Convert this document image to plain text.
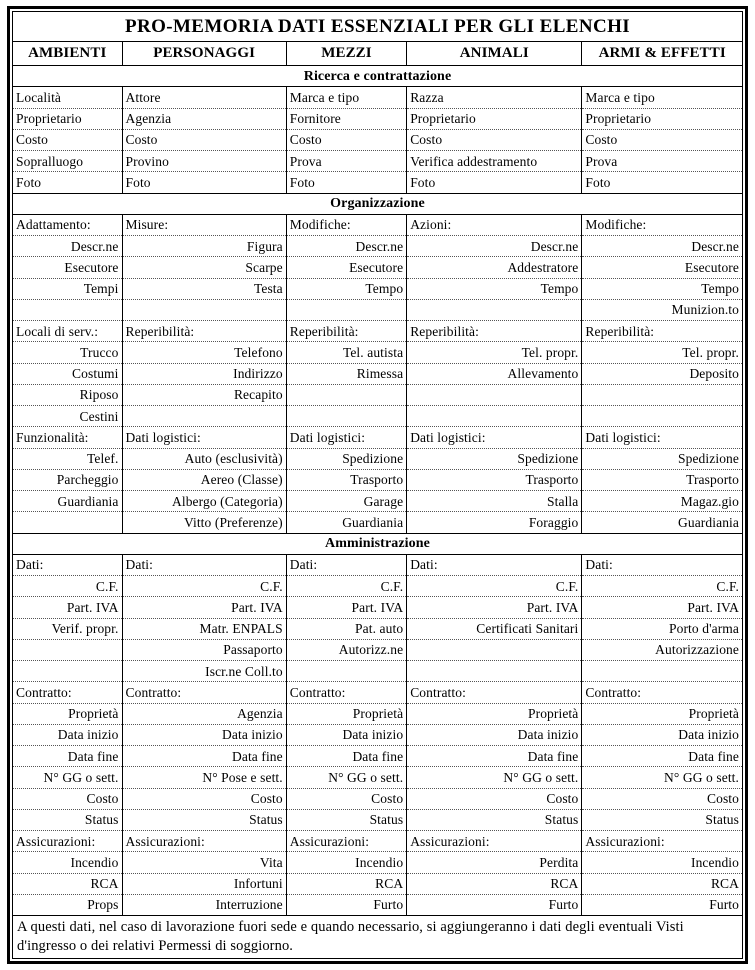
PRO-MEMORIA DATI ESSENZIALI PER GLI ELENCHI				
AMBIENTI	PERSONAGGI	MEZZI	ANIMALI	ARMI & EFFETTI
Ricerca e contrattazione				
Località	Attore	Marca e tipo	Razza	Marca e tipo
Proprietario	Agenzia	Fornitore	Proprietario	Proprietario
Costo	Costo	Costo	Costo	Costo
Sopralluogo	Provino	Prova	Verifica addestramento	Prova
Foto	Foto	Foto	Foto	Foto
Organizzazione				
Adattamento:	Misure:	Modifiche:	Azioni:	Modifiche:
Descr.ne	Figura	Descr.ne	Descr.ne	Descr.ne
Esecutore	Scarpe	Esecutore	Addestratore	Esecutore
Tempi	Testa	Tempo	Tempo	Tempo
				Munizion.to
Locali di serv.:	Reperibilità:	Reperibilità:	Reperibilità:	Reperibilità:
Trucco	Telefono	Tel. autista	Tel. propr.	Tel. propr.
Costumi	Indirizzo	Rimessa	Allevamento	Deposito
Riposo	Recapito			
Cestini				
Funzionalità:	Dati logistici:	Dati logistici:	Dati logistici:	Dati logistici:
Telef.	Auto (esclusività)	Spedizione	Spedizione	Spedizione
Parcheggio	Aereo (Classe)	Trasporto	Trasporto	Trasporto
Guardiania	Albergo (Categoria)	Garage	Stalla	Magaz.gio
	Vitto (Preferenze)	Guardiania	Foraggio	Guardiania
Amministrazione				
Dati:	Dati:	Dati:	Dati:	Dati:
C.F.	C.F.	C.F.	C.F.	C.F.
Part. IVA	Part. IVA	Part. IVA	Part. IVA	Part. IVA
Verif. propr.	Matr. ENPALS	Pat. auto	Certificati Sanitari	Porto d'arma
	Passaporto	Autorizz.ne		Autorizzazione
	Iscr.ne Coll.to			
Contratto:	Contratto:	Contratto:	Contratto:	Contratto:
Proprietà	Agenzia	Proprietà	Proprietà	Proprietà
Data inizio	Data inizio	Data inizio	Data inizio	Data inizio
Data fine	Data fine	Data fine	Data fine	Data fine
N° GG o sett.	N° Pose e sett.	N° GG o sett.	N° GG o sett.	N° GG o sett.
Costo	Costo	Costo	Costo	Costo
Status	Status	Status	Status	Status
Assicurazioni:	Assicurazioni:	Assicurazioni:	Assicurazioni:	Assicurazioni:
Incendio	Vita	Incendio	Perdita	Incendio
RCA	Infortuni	RCA	RCA	RCA
Props	Interruzione	Furto	Furto	Furto
A questi dati, nel caso di lavorazione fuori sede e quando necessario, si aggiungeranno i dati degli eventuali Visti d'ingresso o dei relativi Permessi di soggiorno.				
